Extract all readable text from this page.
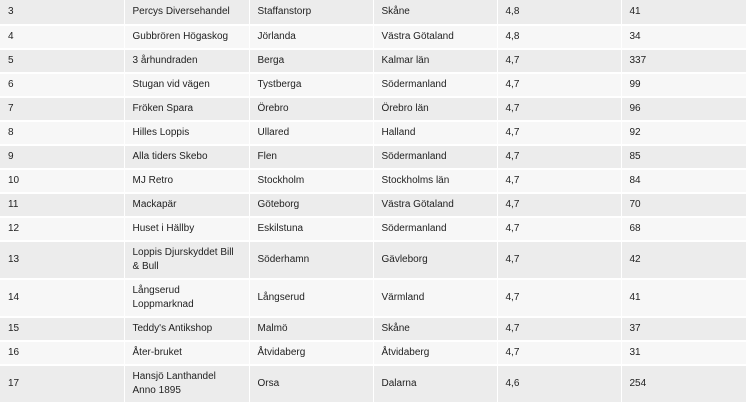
3	Percys Diversehandel	Staffanstorp	Skåne	4,8	41
4	Gubbrören Högaskog	Jörlanda	Västra Götaland	4,8	34
5	3 århundraden	Berga	Kalmar län	4,7	337
6	Stugan vid vägen	Tystberga	Södermanland	4,7	99
7	Fröken Spara	Örebro	Örebro län	4,7	96
8	Hilles Loppis	Ullared	Halland	4,7	92
9	Alla tiders Skebo	Flen	Södermanland	4,7	85
10	MJ Retro	Stockholm	Stockholms län	4,7	84
11	Mackapär	Göteborg	Västra Götaland	4,7	70
12	Huset i Hällby	Eskilstuna	Södermanland	4,7	68
13	Loppis Djurskyddet Bill & Bull	Söderhamn	Gävleborg	4,7	42
14	Långserud Loppmarknad	Långserud	Värmland	4,7	41
15	Teddy's Antikshop	Malmö	Skåne	4,7	37
16	Åter-bruket	Åtvidaberg	Åtvidaberg	4,7	31
17	Hansjö Lanthandel Anno 1895	Orsa	Dalarna	4,6	254
